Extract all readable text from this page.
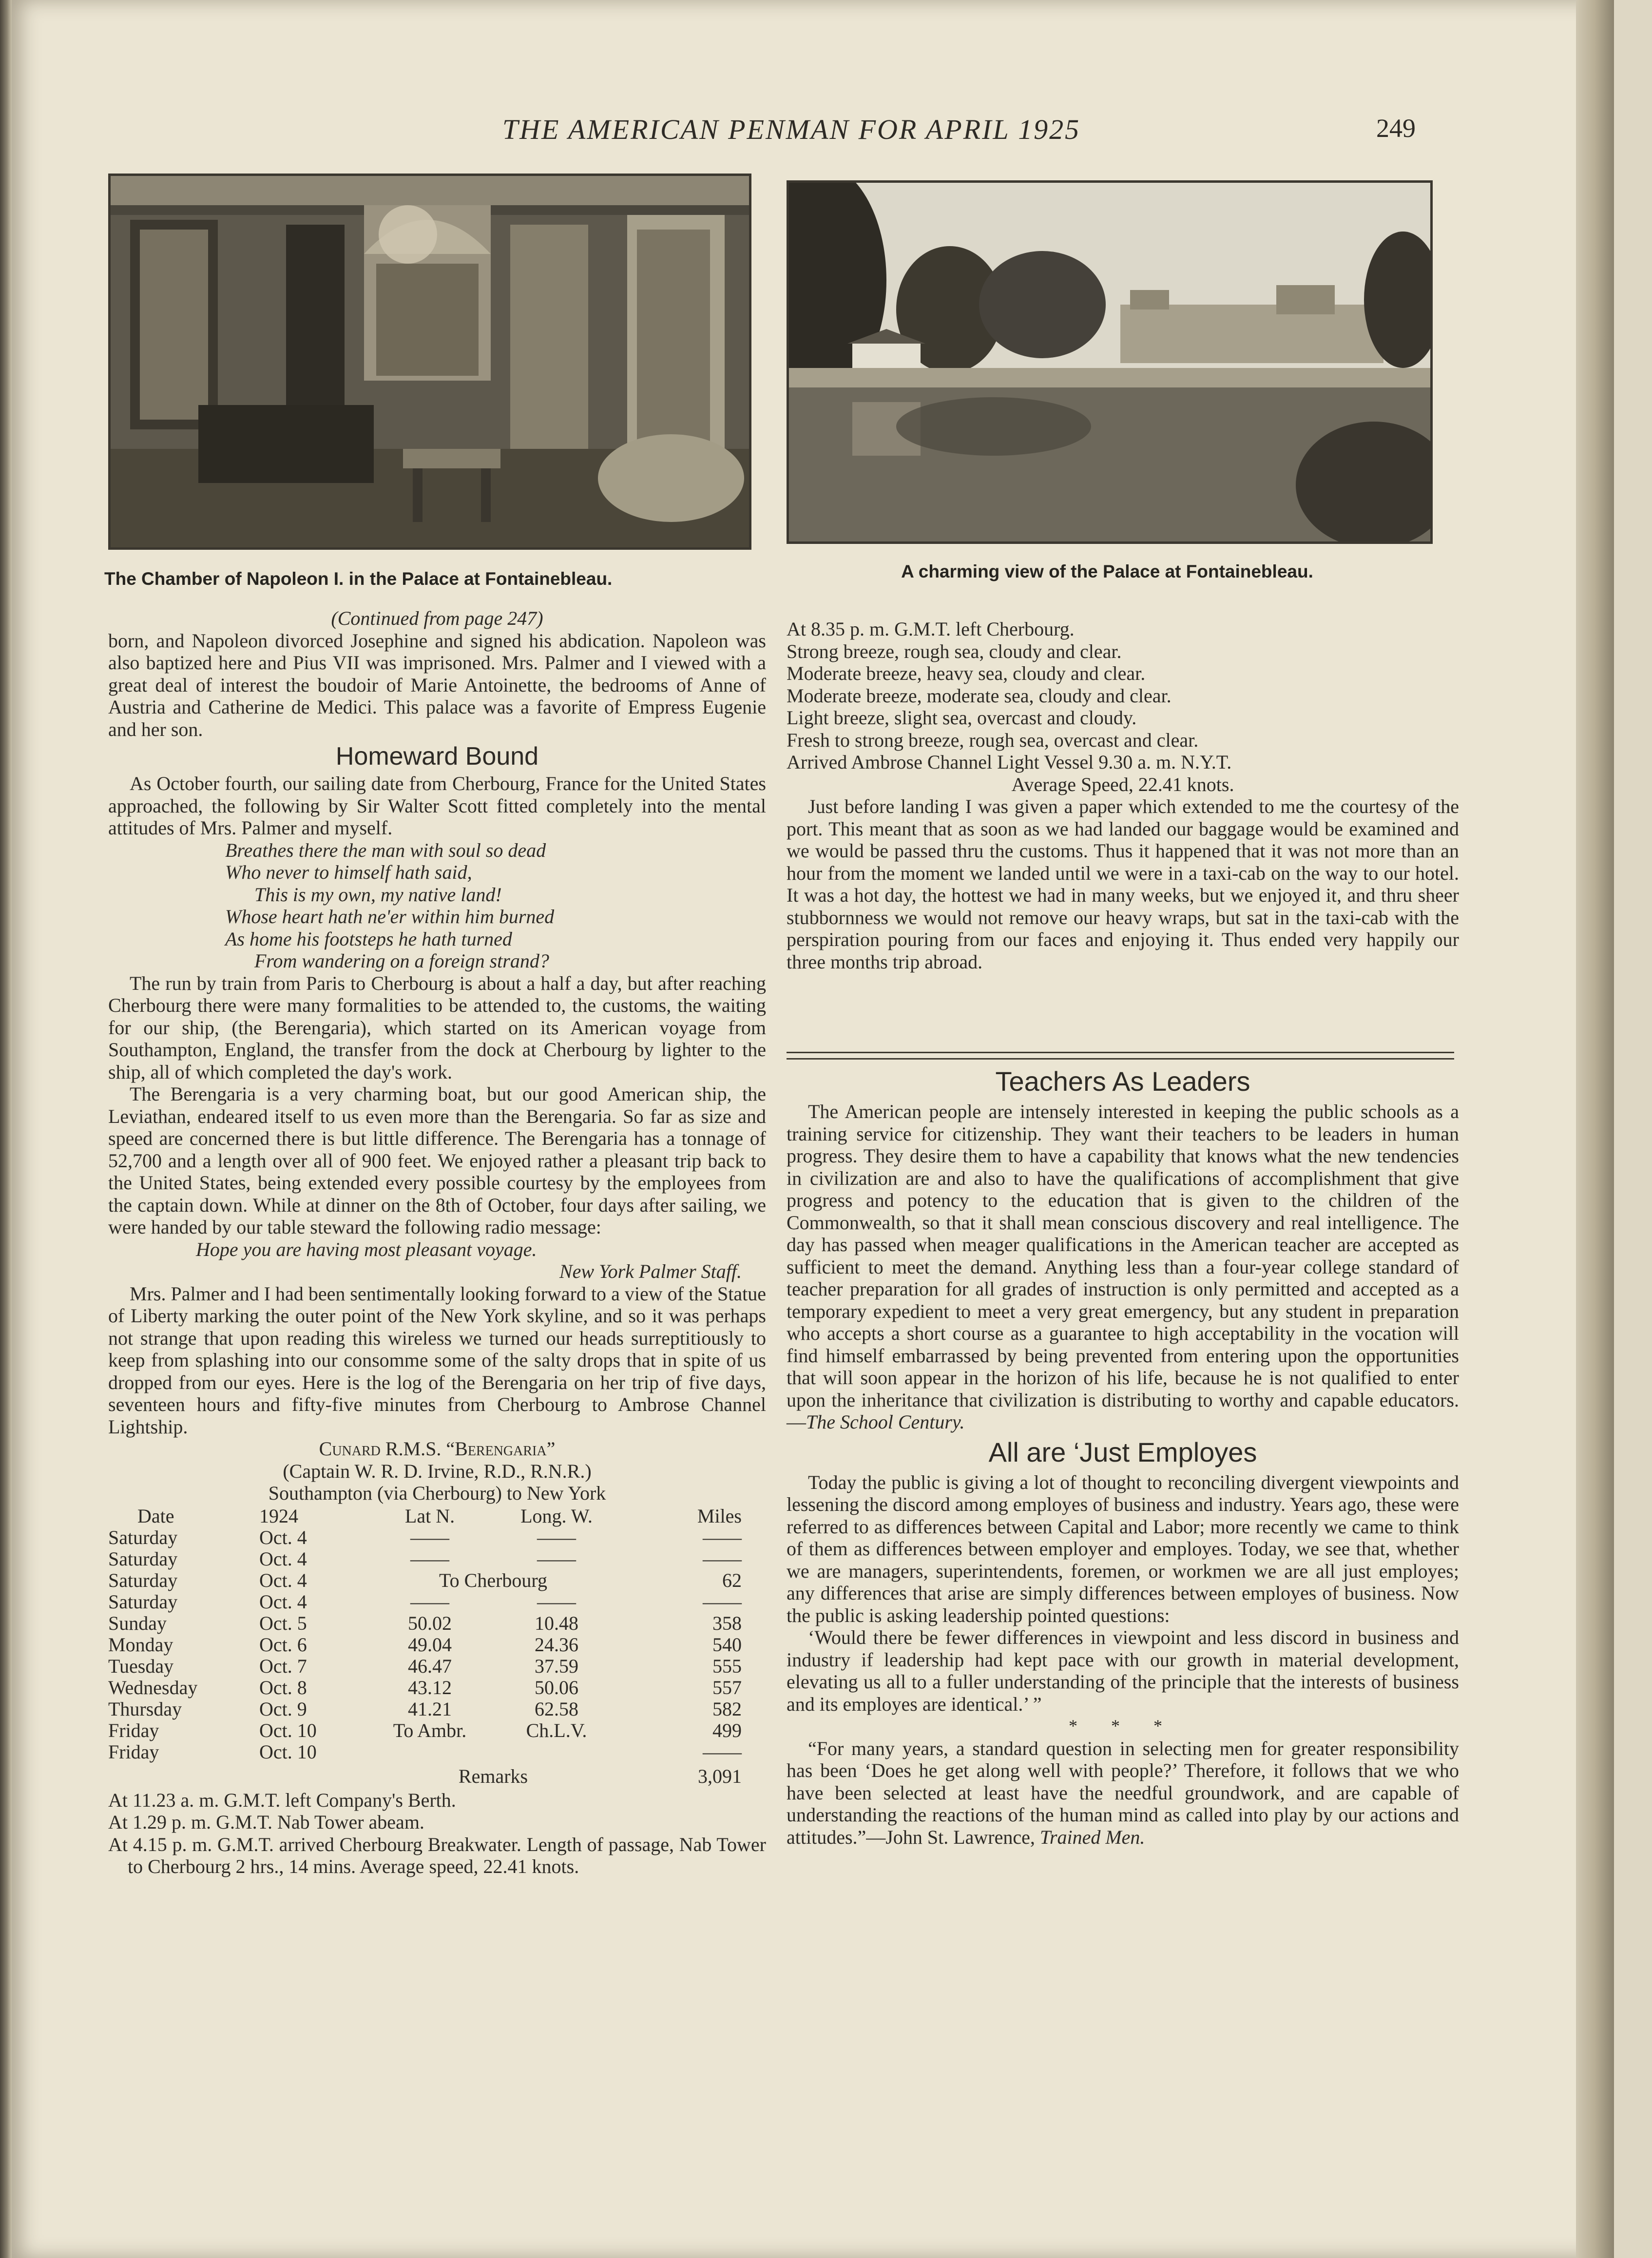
THE AMERICAN PENMAN FOR APRIL 1925	249
The Chamber of Napoleon I. in the Palace at Fontainebleau.	A charming view of the Palace at Fontainebleau.
(Continued from page 247)

born, and Napoleon divorced Josephine and signed his abdication. Napoleon was also baptized here and Pius VII was imprisoned. Mrs. Palmer and I viewed with a great deal of interest the boudoir of Marie Antoinette, the bedrooms of Anne of Austria and Catherine de Medici. This palace was a favorite of Empress Eugenie and her son.

Homeward Bound

As October fourth, our sailing date from Cherbourg, France for the United States approached, the following by Sir Walter Scott fitted completely into the mental attitudes of Mrs. Palmer and myself.

Breathes there the man with soul so dead
Who never to himself hath said,
This is my own, my native land!
Whose heart hath ne'er within him burned
As home his footsteps he hath turned
From wandering on a foreign strand?

The run by train from Paris to Cherbourg is about a half a day, but after reaching Cherbourg there were many formalities to be attended to, the customs, the waiting for our ship, (the Berengaria), which started on its American voyage from Southampton, England, the transfer from the dock at Cherbourg by lighter to the ship, all of which completed the day's work.

The Berengaria is a very charming boat, but our good American ship, the Leviathan, endeared itself to us even more than the Berengaria. So far as size and speed are concerned there is but little difference. The Berengaria has a tonnage of 52,700 and a length over all of 900 feet. We enjoyed rather a pleasant trip back to the United States, being extended every possible courtesy by the employees from the captain down. While at dinner on the 8th of October, four days after sailing, we were handed by our table steward the following radio message:

Hope you are having most pleasant voyage.
New York Palmer Staff.

Mrs. Palmer and I had been sentimentally looking forward to a view of the Statue of Liberty marking the outer point of the New York skyline, and so it was perhaps not strange that upon reading this wireless we turned our heads surreptitiously to keep from splashing into our consomme some of the salty drops that in spite of us dropped from our eyes. Here is the log of the Berengaria on her trip of five days, seventeen hours and fifty-five minutes from Cherbourg to Ambrose Channel Lightship.

Cunard R.M.S. “Berengaria”
(Captain W. R. D. Irvine, R.D., R.N.R.)
Southampton (via Cherbourg) to New York
Date	1924	Lat N.	Long. W.	Miles
Saturday	Oct. 4	——	——	——
Saturday	Oct. 4	——	——	——
Saturday	Oct. 4	To Cherbourg		62
Saturday	Oct. 4	——	——	——
Sunday	Oct. 5	50.02	10.48	358
Monday	Oct. 6	49.04	24.36	540
Tuesday	Oct. 7	46.47	37.59	555
Wednesday	Oct. 8	43.12	50.06	557
Thursday	Oct. 9	41.21	62.58	582
Friday	Oct. 10	To Ambr.	Ch.L.V.	499
Friday	Oct. 10			——
		Remarks		3,091
At 11.23 a. m. G.M.T. left Company's Berth.
At 1.29 p. m. G.M.T. Nab Tower abeam.
At 4.15 p. m. G.M.T. arrived Cherbourg Breakwater. Length of passage, Nab Tower to Cherbourg 2 hrs., 14 mins. Average speed, 22.41 knots.
At 8.35 p. m. G.M.T. left Cherbourg.
Strong breeze, rough sea, cloudy and clear.
Moderate breeze, heavy sea, cloudy and clear.
Moderate breeze, moderate sea, cloudy and clear.
Light breeze, slight sea, overcast and cloudy.
Fresh to strong breeze, rough sea, overcast and clear.
Arrived Ambrose Channel Light Vessel 9.30 a. m. N.Y.T.
Average Speed, 22.41 knots.

Just before landing I was given a paper which extended to me the courtesy of the port. This meant that as soon as we had landed our baggage would be examined and we would be passed thru the customs. Thus it happened that it was not more than an hour from the moment we landed until we were in a taxi-cab on the way to our hotel. It was a hot day, the hottest we had in many weeks, but we enjoyed it, and thru sheer stubbornness we would not remove our heavy wraps, but sat in the taxi-cab with the perspiration pouring from our faces and enjoying it. Thus ended very happily our three months trip abroad.

Teachers As Leaders

The American people are intensely interested in keeping the public schools as a training service for citizenship. They want their teachers to be leaders in human progress. They desire them to have a capability that knows what the new tendencies in civilization are and also to have the qualifications of accomplishment that give progress and potency to the education that is given to the children of the Commonwealth, so that it shall mean conscious discovery and real intelligence. The day has passed when meager qualifications in the American teacher are accepted as sufficient to meet the demand. Anything less than a four-year college standard of teacher preparation for all grades of instruction is only permitted and accepted as a temporary expedient to meet a very great emergency, but any student in preparation who accepts a short course as a guarantee to high acceptability in the vocation will find himself embarrassed by being prevented from entering upon the opportunities that will soon appear in the horizon of his life, because he is not qualified to enter upon the inheritance that civilization is distributing to worthy and capable educators.—The School Century.

All are ‘Just Employes

Today the public is giving a lot of thought to reconciling divergent viewpoints and lessening the discord among employes of business and industry. Years ago, these were referred to as differences between Capital and Labor; more recently we came to think of them as differences between employer and employes. Today, we see that, whether we are managers, superintendents, foremen, or workmen we are all just employes; any differences that arise are simply differences between employes of business. Now the public is asking leadership pointed questions:

‘Would there be fewer differences in viewpoint and less discord in business and industry if leadership had kept pace with our growth in material development, elevating us all to a fuller understanding of the principle that the interests of business and its employes are identical.’ ”

* * *

“For many years, a standard question in selecting men for greater responsibility has been ‘Does he get along well with people?’ Therefore, it follows that we who have been selected at least have the needful groundwork, and are capable of understanding the reactions of the human mind as called into play by our actions and attitudes.”—John St. Lawrence, Trained Men.
